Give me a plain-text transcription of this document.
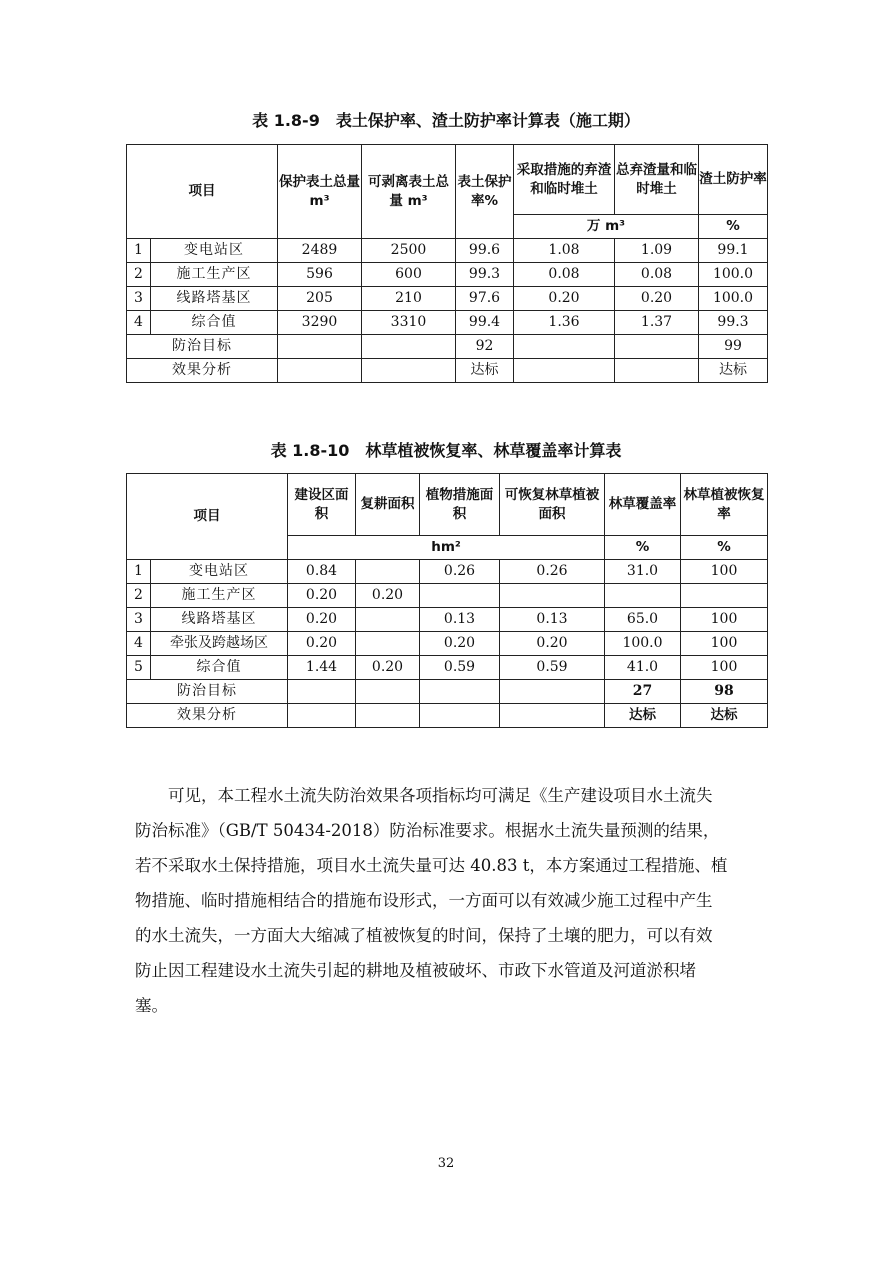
表 1.8-9　表土保护率、渣土防护率计算表（施工期）
项目		保护表土总量 m³	可剥离表土总量 m³	表土保护率%	采取措施的弃渣和临时堆土	总弃渣量和临时堆土	渣土防护率
					万 m³		%
1	变电站区	2489	2500	99.6	1.08	1.09	99.1
2	施工生产区	596	600	99.3	0.08	0.08	100.0
3	线路塔基区	205	210	97.6	0.20	0.20	100.0
4	综合值	3290	3310	99.4	1.36	1.37	99.3
防治目标				92			99
效果分析				达标			达标
表 1.8-10　林草植被恢复率、林草覆盖率计算表
项目		建设区面积	复耕面积	植物措施面积	可恢复林草植被面积	林草覆盖率	林草植被恢复率
		hm²				%	%
1	变电站区	0.84		0.26	0.26	31.0	100
2	施工生产区	0.20	0.20				
3	线路塔基区	0.20		0.13	0.13	65.0	100
4	牵张及跨越场区	0.20		0.20	0.20	100.0	100
5	综合值	1.44	0.20	0.59	0.59	41.0	100
防治目标						27	98
效果分析						达标	达标
　　可见，本工程水土流失防治效果各项指标均可满足《生产建设项目水土流失
防治标准》（GB/T 50434-2018）防治标准要求。根据水土流失量预测的结果，
若不采取水土保持措施，项目水土流失量可达 40.83 t，本方案通过工程措施、植
物措施、临时措施相结合的措施布设形式，一方面可以有效减少施工过程中产生
的水土流失，一方面大大缩减了植被恢复的时间，保持了土壤的肥力，可以有效
防止因工程建设水土流失引起的耕地及植被破坏、市政下水管道及河道淤积堵
塞。
32
